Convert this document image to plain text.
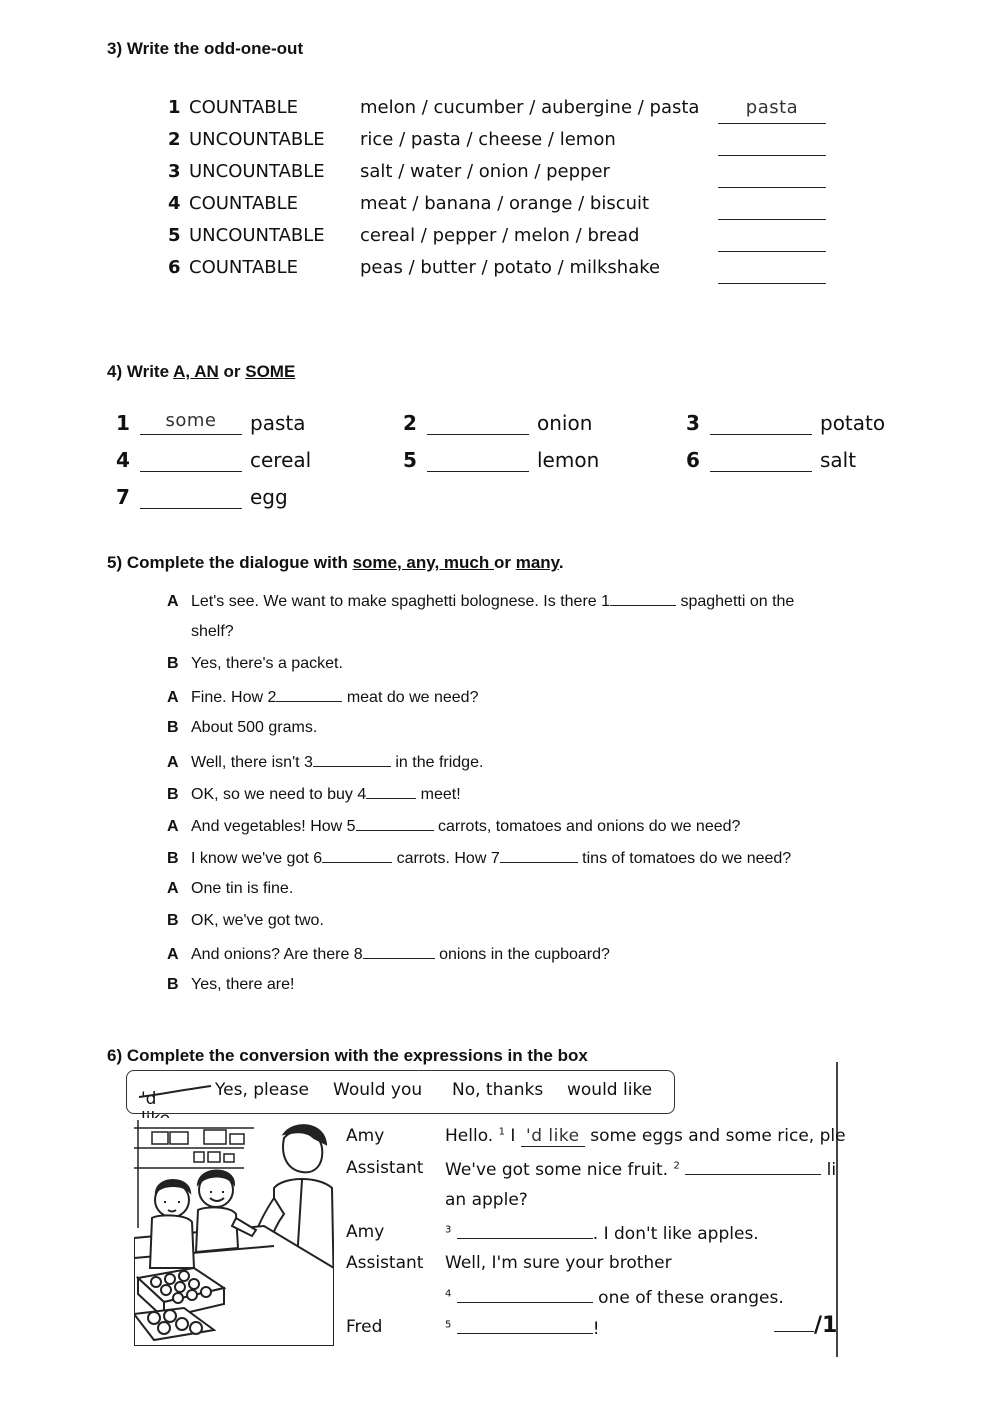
3) Write the odd-one-out
1 COUNTABLE	melon / cucumber / aubergine / pasta	pasta
2 UNCOUNTABLE rice / pasta / cheese / lemon
3 UNCOUNTABLE salt / water / onion / pepper
4 COUNTABLE	meat / banana / orange / biscuit
5 UNCOUNTABLE cereal / pepper / melon / bread
6 COUNTABLE	peas / butter / potato / milkshake
4) Write A, AN or SOME
1 some pasta	2	onion	3	potato
4	cereal	5	lemon	6	salt
7	egg
5) Complete the dialogue with some, any, much or many.
A Let's see. We want to make spaghetti bolognese. Is there 1	spaghetti on the
shelf?
B Yes, there's a packet.
A Fine. How 2	meat do we need?
B About 500 grams.
A Well, there isn't 3	in the fridge.
B OK, so we need to buy 4	meet!
A And vegetables! How 5	carrots, tomatoes and onions do we need?
B I know we've got 6	carrots. How 7	tins of tomatoes do we need?
A One tin is fine.
B OK, we've got two.
A And onions? Are there 8	onions in the cupboard?
B Yes, there are!
6) Complete the conversion with the expressions in the box
'd	Yes, please Would you No, thanks would like
Amy	Hello. $^1$ I 'd like some eggs and some rice, ple
Assistant We've got some nice fruit. $^2$	li
an apple?
Amy	$^3$	. I don't like apples.
Assistant Well, I'm sure your brother
$^4$	one of these oranges.
Fred	$^5$	!	/1
